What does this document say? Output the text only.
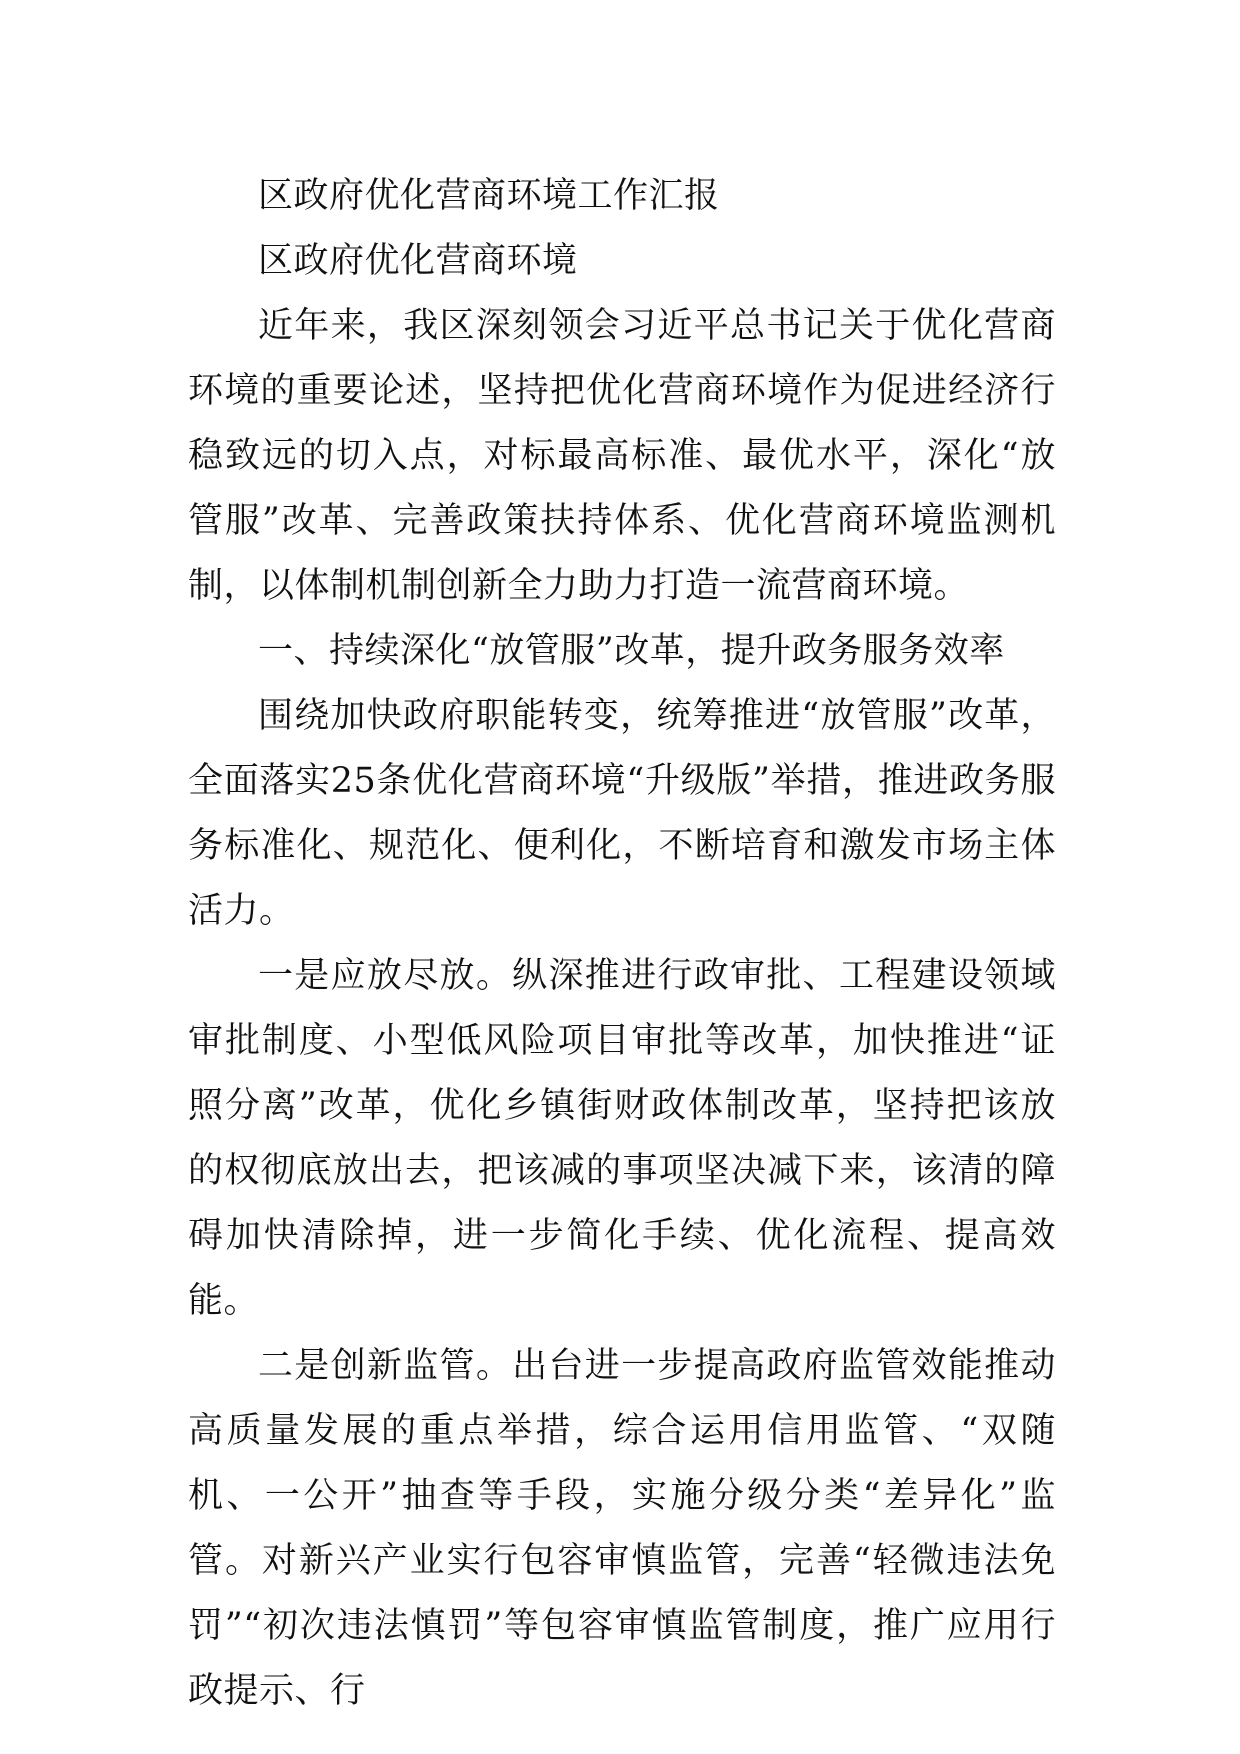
区政府优化营商环境工作汇报

区政府优化营商环境

近年来，我区深刻领会习近平总书记关于优化营商环境的重要论述，坚持把优化营商环境作为促进经济行稳致远的切入点，对标最高标准、最优水平，深化“放管服”改革、完善政策扶持体系、优化营商环境监测机制，以体制机制创新全力助力打造一流营商环境。

一、持续深化“放管服”改革，提升政务服务效率

围绕加快政府职能转变，统筹推进“放管服”改革，全面落实25条优化营商环境“升级版”举措，推进政务服务标准化、规范化、便利化，不断培育和激发市场主体活力。

一是应放尽放。纵深推进行政审批、工程建设领域审批制度、小型低风险项目审批等改革，加快推进“证照分离”改革，优化乡镇街财政体制改革，坚持把该放的权彻底放出去，把该减的事项坚决减下来，该清的障碍加快清除掉，进一步简化手续、优化流程、提高效能。

二是创新监管。出台进一步提高政府监管效能推动高质量发展的重点举措，综合运用信用监管、“双随机、一公开”抽查等手段，实施分级分类“差异化”监管。对新兴产业实行包容审慎监管，完善“轻微违法免罚”“初次违法慎罚”等包容审慎监管制度，推广应用行政提示、行
